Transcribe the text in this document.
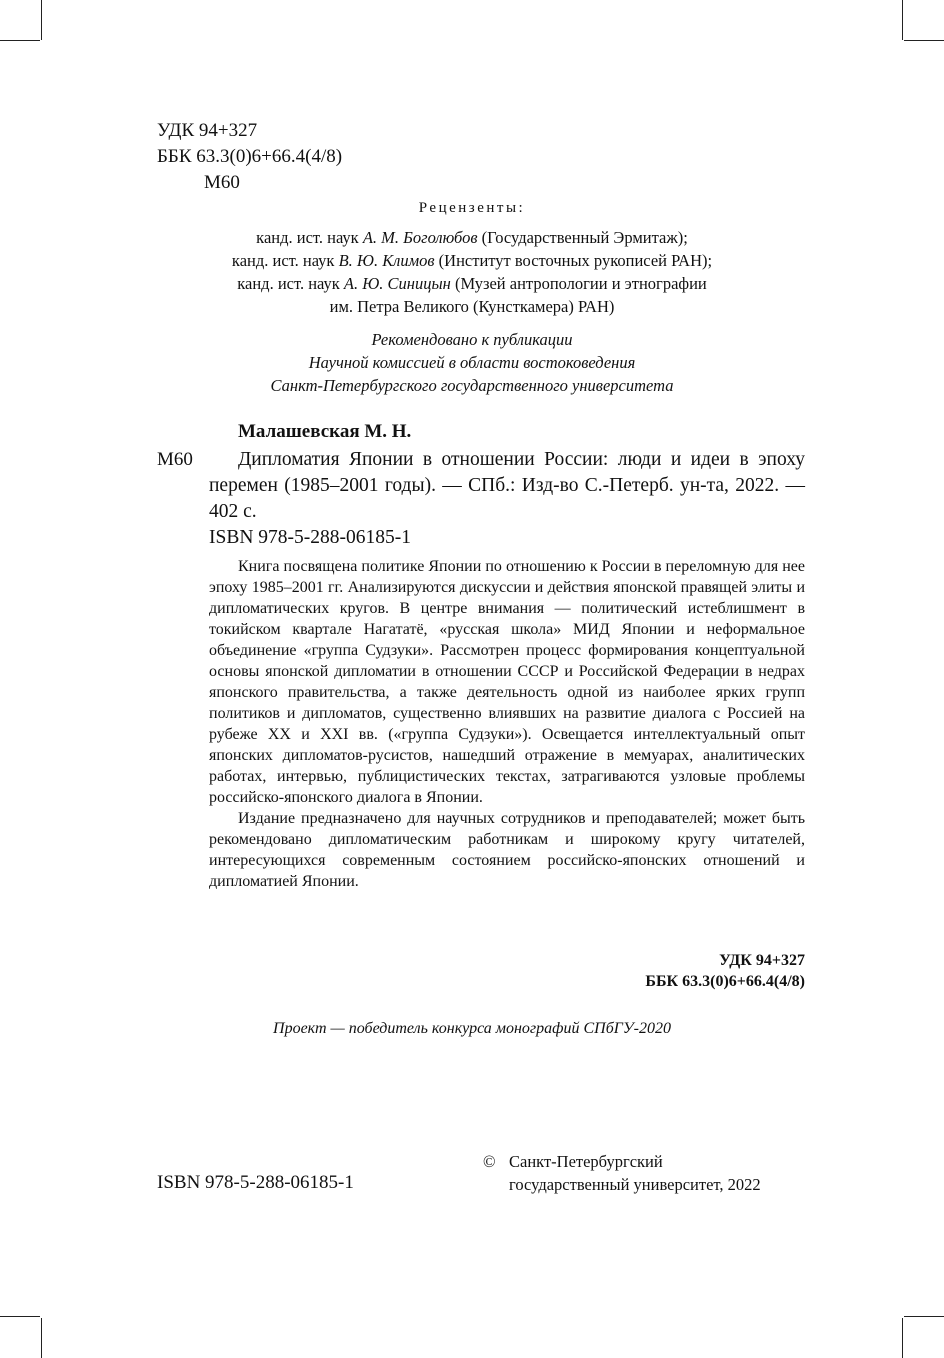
УДК 94+327
ББК 63.3(0)6+66.4(4/8)
М60
Рецензенты:
канд. ист. наук А. М. Боголюбов (Государственный Эрмитаж);
канд. ист. наук В. Ю. Климов (Институт восточных рукописей РАН);
канд. ист. наук А. Ю. Синицын (Музей антропологии и этнографии
им. Петра Великого (Кунсткамера) РАН)
Рекомендовано к публикации
Научной комиссией в области востоковедения
Санкт-Петербургского государственного университета
Малашевская М. Н.
М60	Дипломатия Японии в отношении России: люди и идеи в эпоху перемен (1985–2001 годы). — СПб.: Изд-во С.-Петерб. ун-та, 2022. — 402 с.

ISBN 978-5-288-06185-1

Книга посвящена политике Японии по отношению к России в переломную для нее эпоху 1985–2001 гг. Анализируются дискуссии и действия японской правящей элиты и дипломатических кругов. В центре внимания — политический истеблишмент в токийском квартале Нагататё, «русская школа» МИД Японии и неформальное объединение «группа Судзуки». Рассмотрен процесс формирования концептуальной основы японской дипломатии в отношении СССР и Российской Федерации в недрах японского правительства, а также деятельность одной из наиболее ярких групп политиков и дипломатов, существенно влиявших на развитие диалога с Россией на рубеже XX и XXI вв. («группа Судзуки»). Освещается интеллектуальный опыт японских дипломатов-русистов, нашедший отражение в мемуарах, аналитических работах, интервью, публицистических текстах, затрагиваются узловые проблемы российско-японского диалога в Японии.

Издание предназначено для научных сотрудников и преподавателей; может быть рекомендовано дипломатическим работникам и широкому кругу читателей, интересующихся современным состоянием российско-японских отношений и дипломатией Японии.

УДК 94+327
ББК 63.3(0)6+66.4(4/8)
Проект — победитель конкурса монографий СПбГУ-2020
ISBN 978-5-288-06185-1
© Санкт-Петербургский
государственный университет, 2022
